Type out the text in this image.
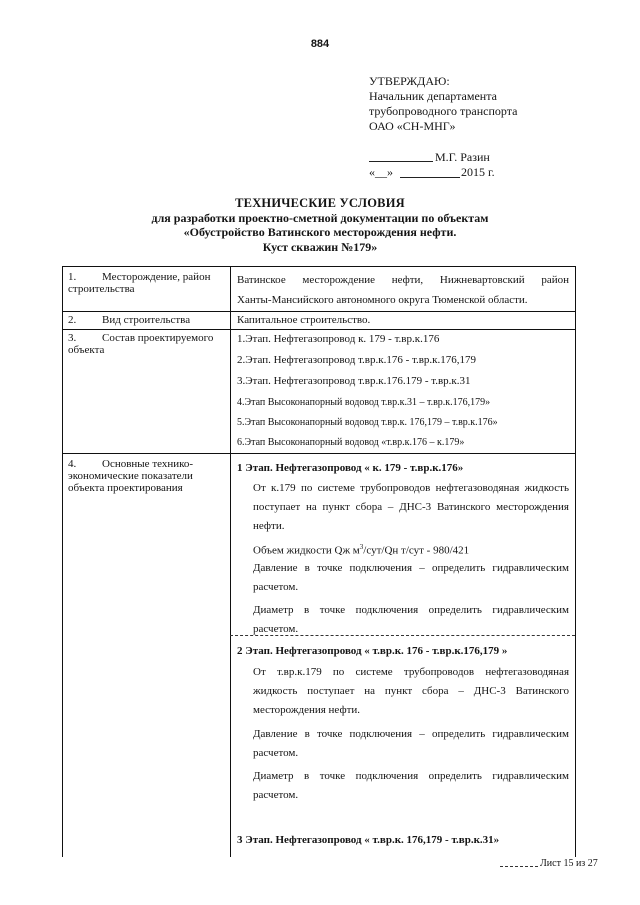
884
УТВЕРЖДАЮ:
Начальник департамента
трубопроводного транспорта
ОАО «СН-МНГ»
М.Г. Разин
«__»	2015 г.
ТЕХНИЧЕСКИЕ УСЛОВИЯ
для разработки проектно-сметной документации по объектам
«Обустройство Ватинского месторождения нефти.
Куст скважин №179»
1. Месторождение, район строительства
Ватинское месторождение нефти, Нижневартовский район
Ханты-Мансийского автономного округа Тюменской области.
2. Вид строительства	Капитальное строительство.
3. Состав проектируемого объекта
1.Этап. Нефтегазопровод к. 179 - т.вр.к.176
2.Этап. Нефтегазопровод т.вр.к.176 - т.вр.к.176,179
3.Этап. Нефтегазопровод т.вр.к.176.179 - т.вр.к.31
4.Этап Высоконапорный водовод т.вр.к.31 – т.вр.к.176,179»
5.Этап Высоконапорный водовод т.вр.к. 176,179 – т.вр.к.176»
6.Этап Высоконапорный водовод «т.вр.к.176 – к.179»
4. Основные технико-экономические показатели объекта проектирования
1 Этап. Нефтегазопровод « к. 179 - т.вр.к.176»
От к.179 по системе трубопроводов нефтегазоводяная жидкость поступает на пункт сбора – ДНС-3 Ватинского месторождения нефти.
Объем жидкости Qж $м^3/сут/Qн$ т/сут - 980/421
Давление в точке подключения – определить гидравлическим расчетом.
Диаметр в точке подключения определить гидравлическим расчетом.
2 Этап. Нефтегазопровод « т.вр.к. 176 - т.вр.к.176,179 »
От т.вр.к.179 по системе трубопроводов нефтегазоводяная жидкость поступает на пункт сбора – ДНС-3 Ватинского месторождения нефти.
Давление в точке подключения – определить гидравлическим расчетом.
Диаметр в точке подключения определить гидравлическим расчетом.
3 Этап. Нефтегазопровод « т.вр.к. 176,179 - т.вр.к.31»
Лист 15 из 27
